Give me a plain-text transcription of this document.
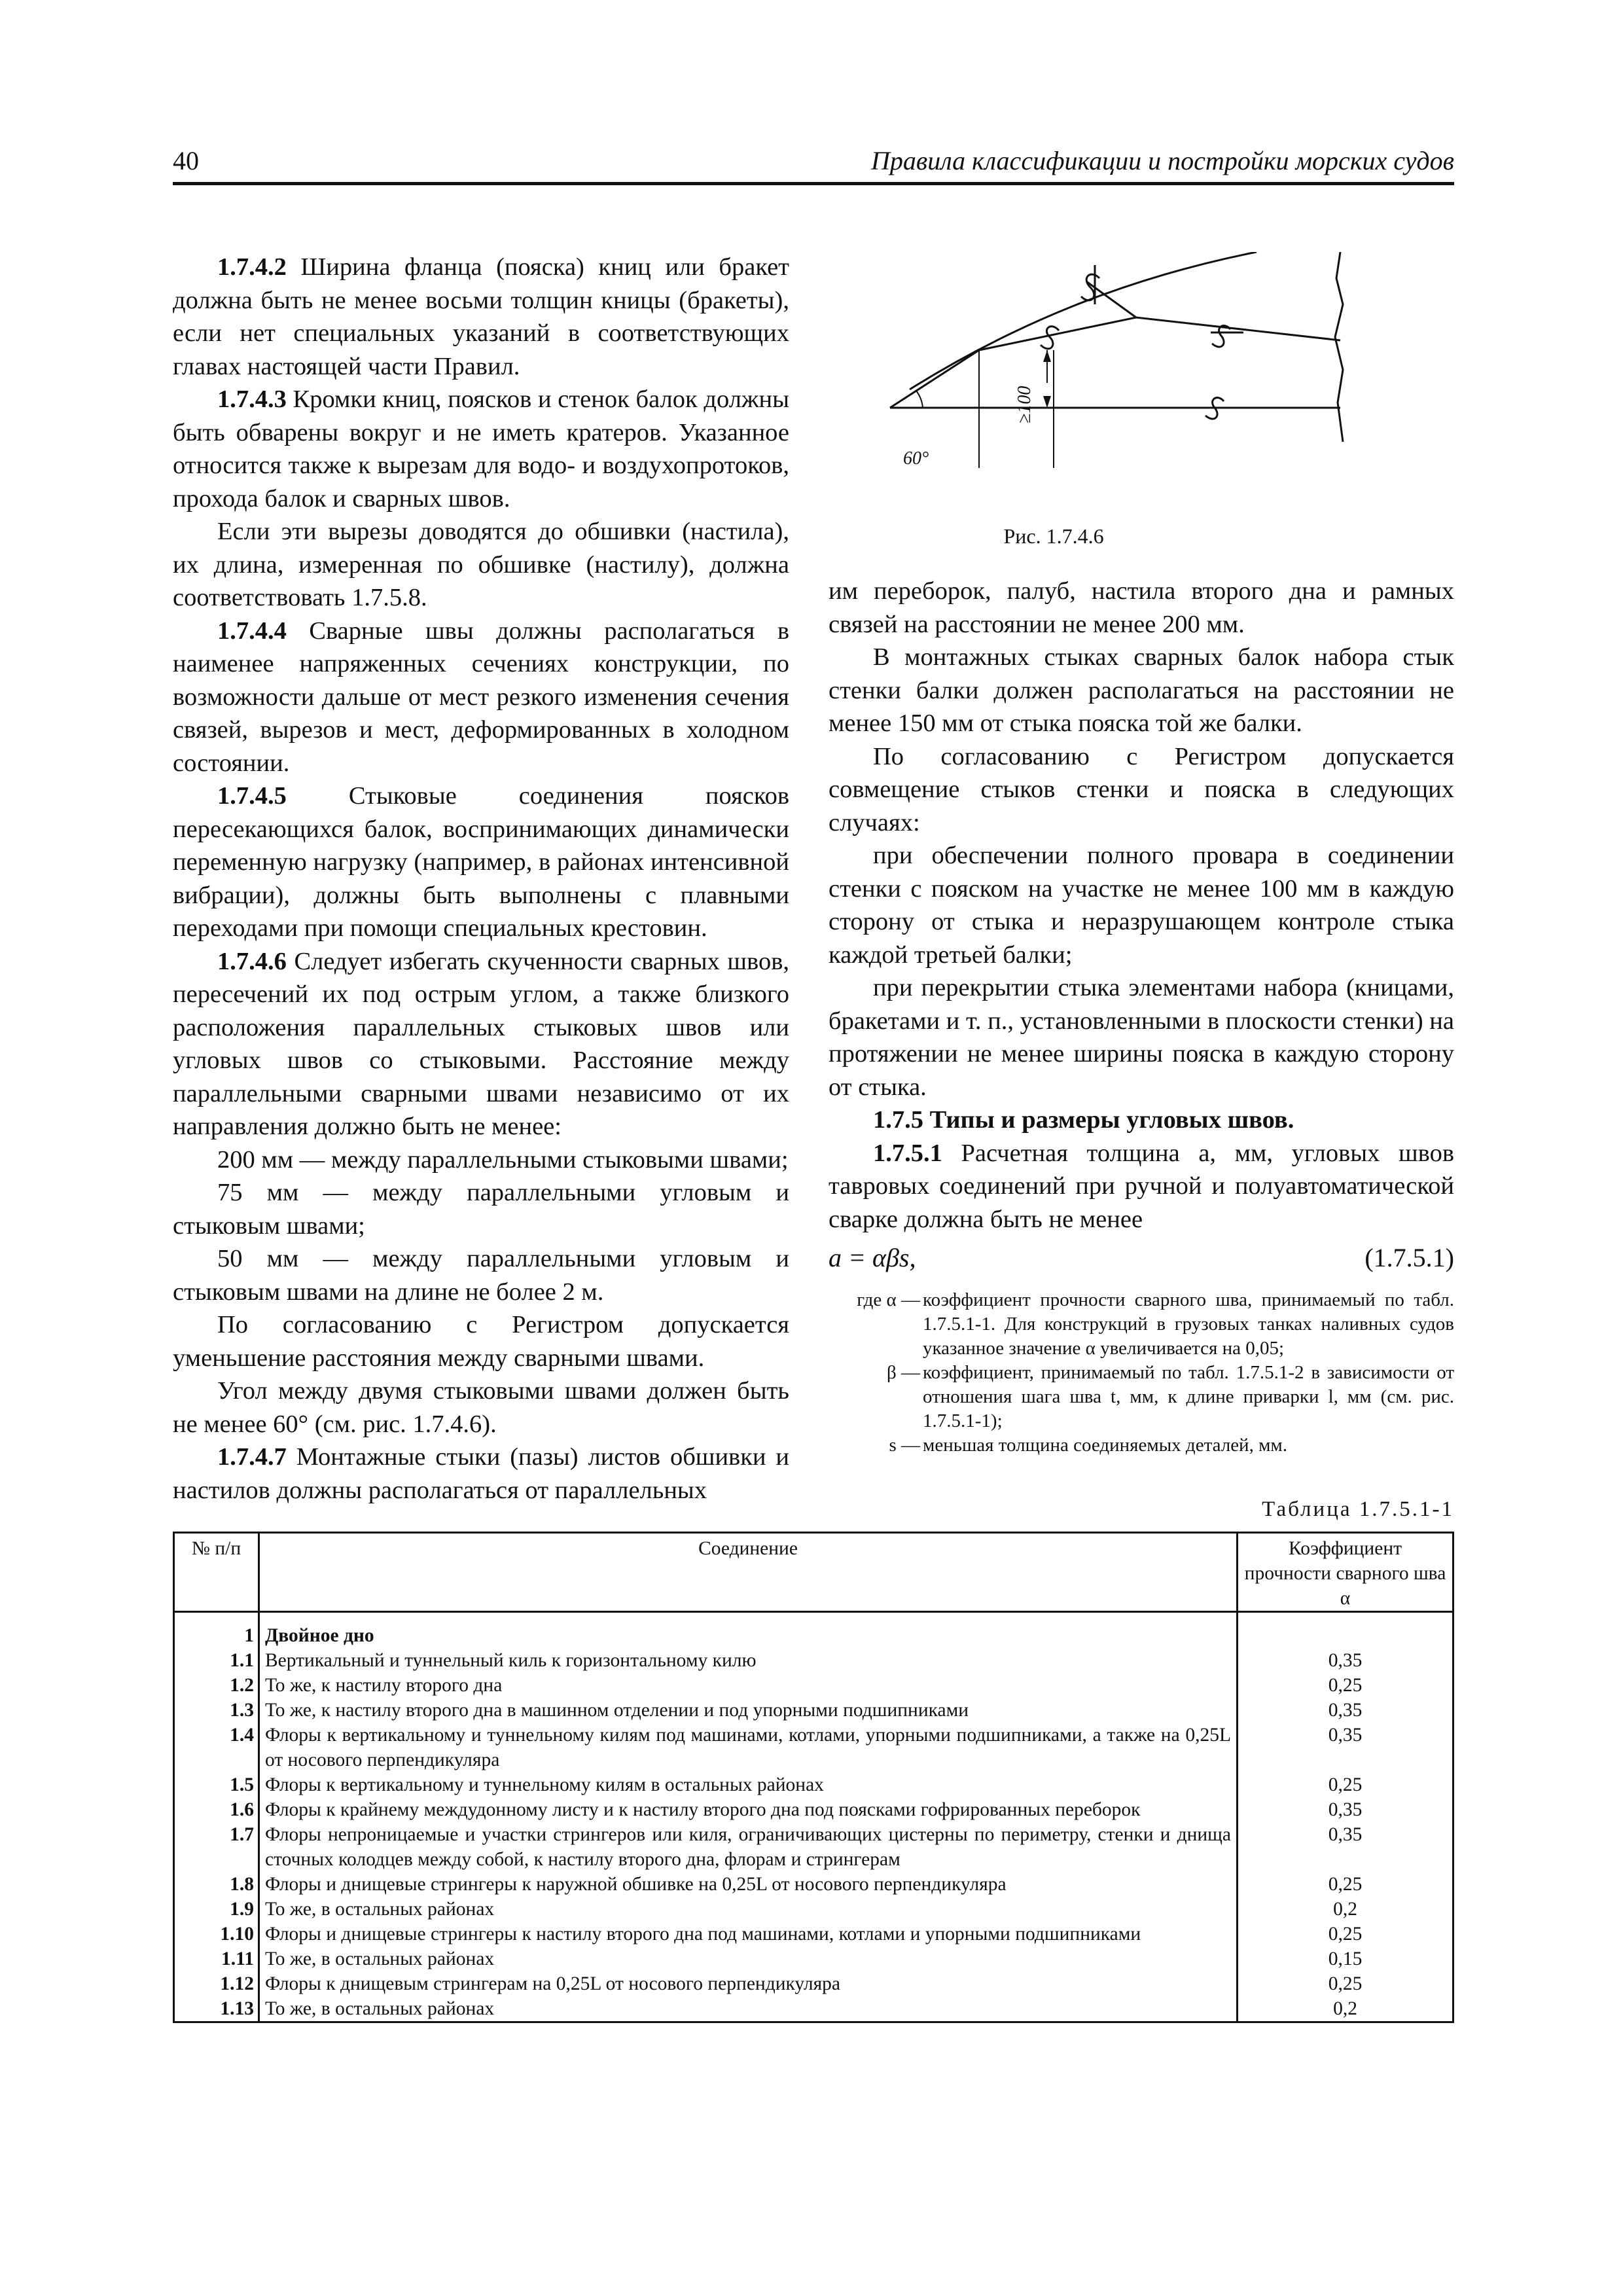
40	Правила классификации и постройки морских судов

1.7.4.2 Ширина фланца (пояска) книц или бракет должна быть не менее восьми толщин кницы (бракеты), если нет специальных указаний в соответствующих главах настоящей части Правил.

1.7.4.3 Кромки книц, поясков и стенок балок должны быть обварены вокруг и не иметь кратеров. Указанное относится также к вырезам для водо- и воздухопротоков, прохода балок и сварных швов.

Если эти вырезы доводятся до обшивки (настила), их длина, измеренная по обшивке (настилу), должна соответствовать 1.7.5.8.

1.7.4.4 Сварные швы должны располагаться в наименее напряженных сечениях конструкции, по возможности дальше от мест резкого изменения сечения связей, вырезов и мест, деформированных в холодном состоянии.

1.7.4.5 Стыковые соединения поясков пересекающихся балок, воспринимающих динамически переменную нагрузку (например, в районах интенсивной вибрации), должны быть выполнены с плавными переходами при помощи специальных крестовин.

1.7.4.6 Следует избегать скученности сварных швов, пересечений их под острым углом, а также близкого расположения параллельных стыковых швов или угловых швов со стыковыми. Расстояние между параллельными сварными швами независимо от их направления должно быть не менее:

200 мм — между параллельными стыковыми швами;

75 мм — между параллельными угловым и стыковым швами;

50 мм — между параллельными угловым и стыковым швами на длине не более 2 м.

По согласованию с Регистром допускается уменьшение расстояния между сварными швами.

Угол между двумя стыковыми швами должен быть не менее 60° (см. рис. 1.7.4.6).

1.7.4.7 Монтажные стыки (пазы) листов обшивки и настилов должны располагаться от параллельных

60°
≥100
Рис. 1.7.4.6

им переборок, палуб, настила второго дна и рамных связей на расстоянии не менее 200 мм.

В монтажных стыках сварных балок набора стык стенки балки должен располагаться на расстоянии не менее 150 мм от стыка пояска той же балки.

По согласованию с Регистром допускается совмещение стыков стенки и пояска в следующих случаях:

при обеспечении полного провара в соединении стенки с пояском на участке не менее 100 мм в каждую сторону от стыка и неразрушающем контроле стыка каждой третьей балки;

при перекрытии стыка элементами набора (кницами, бракетами и т. п., установленными в плоскости стенки) на протяжении не менее ширины пояска в каждую сторону от стыка.

1.7.5 Типы и размеры угловых швов.

1.7.5.1 Расчетная толщина a, мм, угловых швов тавровых соединений при ручной и полуавтоматической сварке должна быть не менее

a = αβs,	(1.7.5.1)
где α — коэффициент прочности сварного шва, принимаемый по табл. 1.7.5.1-1. Для конструкций в грузовых танках наливных судов указанное значение α увеличивается на 0,05;
β — коэффициент, принимаемый по табл. 1.7.5.1-2 в зависимости от отношения шага шва t, мм, к длине приварки l, мм (см. рис. 1.7.5.1-1);
s — меньшая толщина соединяемых деталей, мм.
Таблица 1.7.5.1-1
№ п/п	Соединение	Коэффициент прочности сварного шва α
1	Двойное дно	
1.1	Вертикальный и туннельный киль к горизонтальному килю	0,35
1.2	То же, к настилу второго дна	0,25
1.3	То же, к настилу второго дна в машинном отделении и под упорными подшипниками	0,35
1.4	Флоры к вертикальному и туннельному килям под машинами, котлами, упорными подшипниками, а также на 0,25L от носового перпендикуляра	0,35
1.5	Флоры к вертикальному и туннельному килям в остальных районах	0,25
1.6	Флоры к крайнему междудонному листу и к настилу второго дна под поясками гофрированных переборок	0,35
1.7	Флоры непроницаемые и участки стрингеров или киля, ограничивающих цистерны по периметру, стенки и днища сточных колодцев между собой, к настилу второго дна, флорам и стрингерам	0,35
1.8	Флоры и днищевые стрингеры к наружной обшивке на 0,25L от носового перпендикуляра	0,25
1.9	То же, в остальных районах	0,2
1.10	Флоры и днищевые стрингеры к настилу второго дна под машинами, котлами и упорными подшипниками	0,25
1.11	То же, в остальных районах	0,15
1.12	Флоры к днищевым стрингерам на 0,25L от носового перпендикуляра	0,25
1.13	То же, в остальных районах	0,2
